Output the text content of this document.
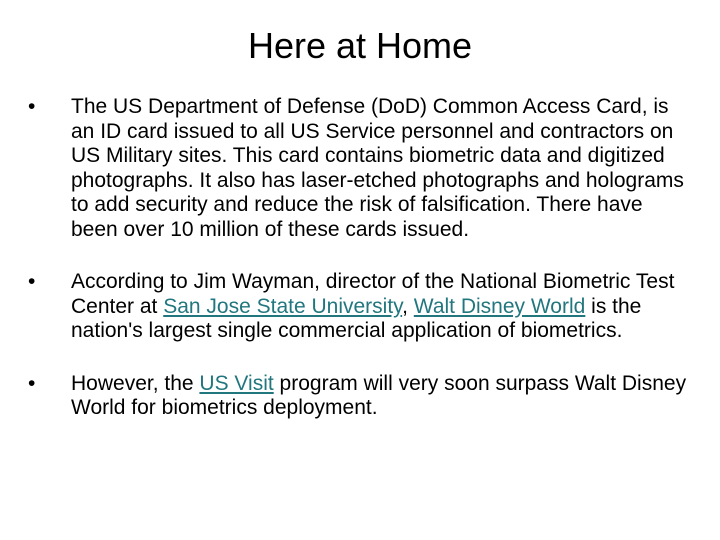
Here at Home
• The US Department of Defense (DoD) Common Access Card, is an ID card issued to all US Service personnel and contractors on US Military sites. This card contains biometric data and digitized photographs. It also has laser-etched photographs and holograms to add security and reduce the risk of falsification. There have been over 10 million of these cards issued.
• According to Jim Wayman, director of the National Biometric Test Center at San Jose State University, Walt Disney World is the nation's largest single commercial application of biometrics.
• However, the US Visit program will very soon surpass Walt Disney World for biometrics deployment.
